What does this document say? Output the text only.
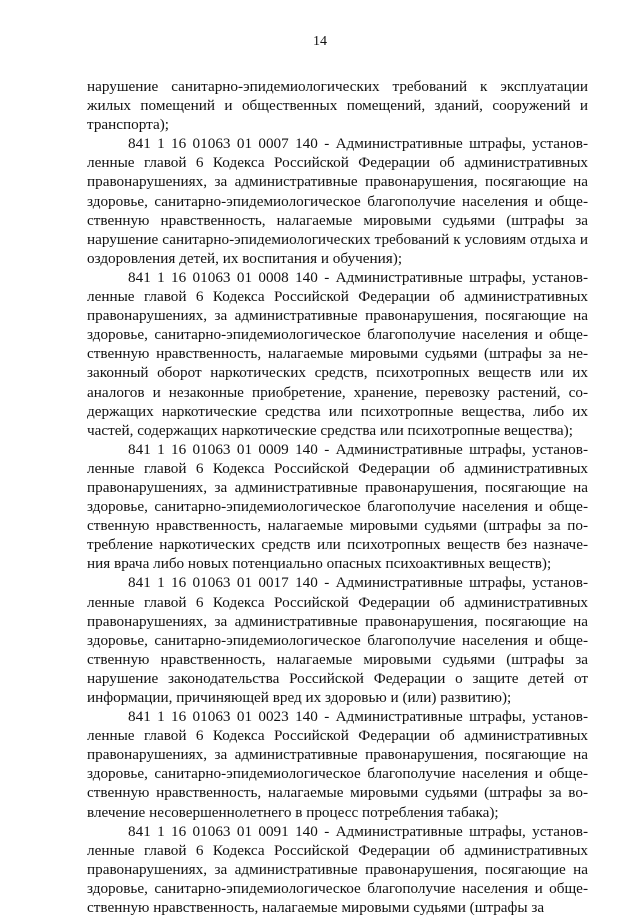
14

нарушение санитарно-эпидемиологических требований к эксплуатации жилых помещений и общественных помещений, зданий, сооружений и транспорта);

841 1 16 01063 01 0007 140 - Административные штрафы, установленные главой 6 Кодекса Российской Федерации об административных правонарушениях, за административные правонарушения, посягающие на здоровье, санитарно-эпидемиологическое благополучие населения и общественную нравственность, налагаемые мировыми судьями (штрафы за нарушение санитарно-эпидемиологических требований к условиям отдыха и оздоровления детей, их воспитания и обучения);

841 1 16 01063 01 0008 140 - Административные штрафы, установленные главой 6 Кодекса Российской Федерации об административных правонарушениях, за административные правонарушения, посягающие на здоровье, санитарно-эпидемиологическое благополучие населения и общественную нравственность, налагаемые мировыми судьями (штрафы за незаконный оборот наркотических средств, психотропных веществ или их аналогов и незаконные приобретение, хранение, перевозку растений, содержащих наркотические средства или психотропные вещества, либо их частей, содержащих наркотические средства или психотропные вещества);

841 1 16 01063 01 0009 140 - Административные штрафы, установленные главой 6 Кодекса Российской Федерации об административных правонарушениях, за административные правонарушения, посягающие на здоровье, санитарно-эпидемиологическое благополучие населения и общественную нравственность, налагаемые мировыми судьями (штрафы за потребление наркотических средств или психотропных веществ без назначения врача либо новых потенциально опасных психоактивных веществ);

841 1 16 01063 01 0017 140 - Административные штрафы, установленные главой 6 Кодекса Российской Федерации об административных правонарушениях, за административные правонарушения, посягающие на здоровье, санитарно-эпидемиологическое благополучие населения и общественную нравственность, налагаемые мировыми судьями (штрафы за нарушение законодательства Российской Федерации о защите детей от информации, причиняющей вред их здоровью и (или) развитию);

841 1 16 01063 01 0023 140 - Административные штрафы, установленные главой 6 Кодекса Российской Федерации об административных правонарушениях, за административные правонарушения, посягающие на здоровье, санитарно-эпидемиологическое благополучие населения и общественную нравственность, налагаемые мировыми судьями (штрафы за вовлечение несовершеннолетнего в процесс потребления табака);

841 1 16 01063 01 0091 140 - Административные штрафы, установленные главой 6 Кодекса Российской Федерации об административных правонарушениях, за административные правонарушения, посягающие на здоровье, санитарно-эпидемиологическое благополучие населения и общественную нравственность, налагаемые мировыми судьями (штрафы за
